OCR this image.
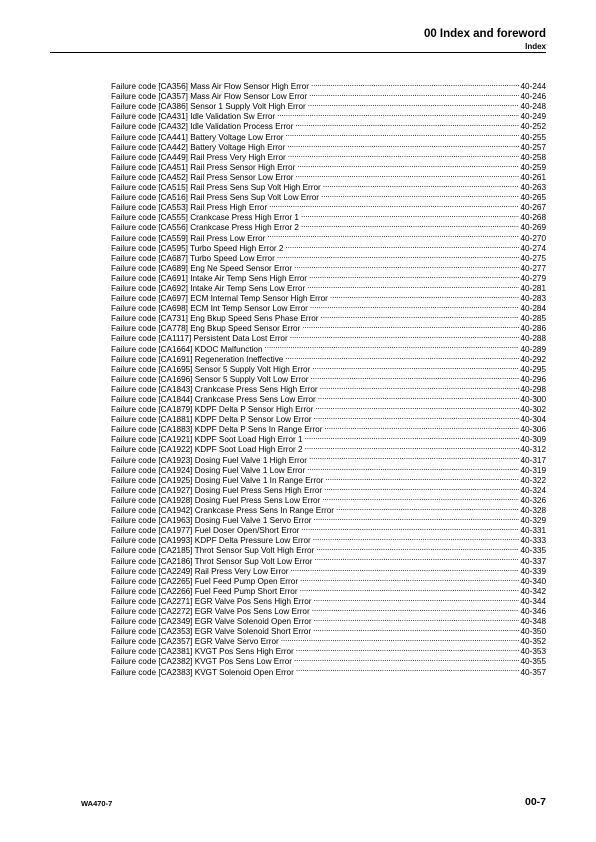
00 Index and foreword
Index
Failure code [CA356] Mass Air Flow Sensor High Error . . .	40-244
Failure code [CA357] Mass Air Flow Sensor Low Error . . .	40-246
Failure code [CA386] Sensor 1 Supply Volt High Error . . .	40-248
Failure code [CA431] Idle Validation Sw Error . . .	40-249
Failure code [CA432] Idle Validation Process Error . . .	40-252
Failure code [CA441] Battery Voltage Low Error . . .	40-255
Failure code [CA442] Battery Voltage High Error . . .	40-257
Failure code [CA449] Rail Press Very High Error . . .	40-258
Failure code [CA451] Rail Press Sensor High Error . . .	40-259
Failure code [CA452] Rail Press Sensor Low Error . . .	40-261
Failure code [CA515] Rail Press Sens Sup Volt High Error . . .	40-263
Failure code [CA516] Rail Press Sens Sup Volt Low Error . . .	40-265
Failure code [CA553] Rail Press High Error . . .	40-267
Failure code [CA555] Crankcase Press High Error 1 . . .	40-268
Failure code [CA556] Crankcase Press High Error 2 . . .	40-269
Failure code [CA559] Rail Press Low Error . . .	40-270
Failure code [CA595] Turbo Speed High Error 2 . . .	40-274
Failure code [CA687] Turbo Speed Low Error . . .	40-275
Failure code [CA689] Eng Ne Speed Sensor Error . . .	40-277
Failure code [CA691] Intake Air Temp Sens High Error . . .	40-279
Failure code [CA692] Intake Air Temp Sens Low Error . . .	40-281
Failure code [CA697] ECM Internal Temp Sensor High Error . . .	40-283
Failure code [CA698] ECM Int Temp Sensor Low Error . . .	40-284
Failure code [CA731] Eng Bkup Speed Sens Phase Error . . .	40-285
Failure code [CA778] Eng Bkup Speed Sensor Error . . .	40-286
Failure code [CA1117] Persistent Data Lost Error . . .	40-288
Failure code [CA1664] KDOC Malfunction . . .	40-289
Failure code [CA1691] Regeneration Ineffective . . .	40-292
Failure code [CA1695] Sensor 5 Supply Volt High Error . . .	40-295
Failure code [CA1696] Sensor 5 Supply Volt Low Error . . .	40-296
Failure code [CA1843] Crankcase Press Sens High Error . . .	40-298
Failure code [CA1844] Crankcase Press Sens Low Error . . .	40-300
Failure code [CA1879] KDPF Delta P Sensor High Error . . .	40-302
Failure code [CA1881] KDPF Delta P Sensor Low Error . . .	40-304
Failure code [CA1883] KDPF Delta P Sens In Range Error . . .	40-306
Failure code [CA1921] KDPF Soot Load High Error 1 . . .	40-309
Failure code [CA1922] KDPF Soot Load High Error 2 . . .	40-312
Failure code [CA1923] Dosing Fuel Valve 1 High Error . . .	40-317
Failure code [CA1924] Dosing Fuel Valve 1 Low Error . . .	40-319
Failure code [CA1925] Dosing Fuel Valve 1 In Range Error . . .	40-322
Failure code [CA1927] Dosing Fuel Press Sens High Error . . .	40-324
Failure code [CA1928] Dosing Fuel Press Sens Low Error . . .	40-326
Failure code [CA1942] Crankcase Press Sens In Range Error . . .	40-328
Failure code [CA1963] Dosing Fuel Valve 1 Servo Error . . .	40-329
Failure code [CA1977] Fuel Doser Open/Short Error . . .	40-331
Failure code [CA1993] KDPF Delta Pressure Low Error . . .	40-333
Failure code [CA2185] Throt Sensor Sup Volt High Error . . .	40-335
Failure code [CA2186] Throt Sensor Sup Volt Low Error . . .	40-337
Failure code [CA2249] Rail Press Very Low Error . . .	40-339
Failure code [CA2265] Fuel Feed Pump Open Error . . .	40-340
Failure code [CA2266] Fuel Feed Pump Short Error . . .	40-342
Failure code [CA2271] EGR Valve Pos Sens High Error . . .	40-344
Failure code [CA2272] EGR Valve Pos Sens Low Error . . .	40-346
Failure code [CA2349] EGR Valve Solenoid Open Error . . .	40-348
Failure code [CA2353] EGR Valve Solenoid Short Error . . .	40-350
Failure code [CA2357] EGR Valve Servo Error . . .	40-352
Failure code [CA2381] KVGT Pos Sens High Error . . .	40-353
Failure code [CA2382] KVGT Pos Sens Low Error . . .	40-355
Failure code [CA2383] KVGT Solenoid Open Error . . .	40-357
WA470-7	00-7
